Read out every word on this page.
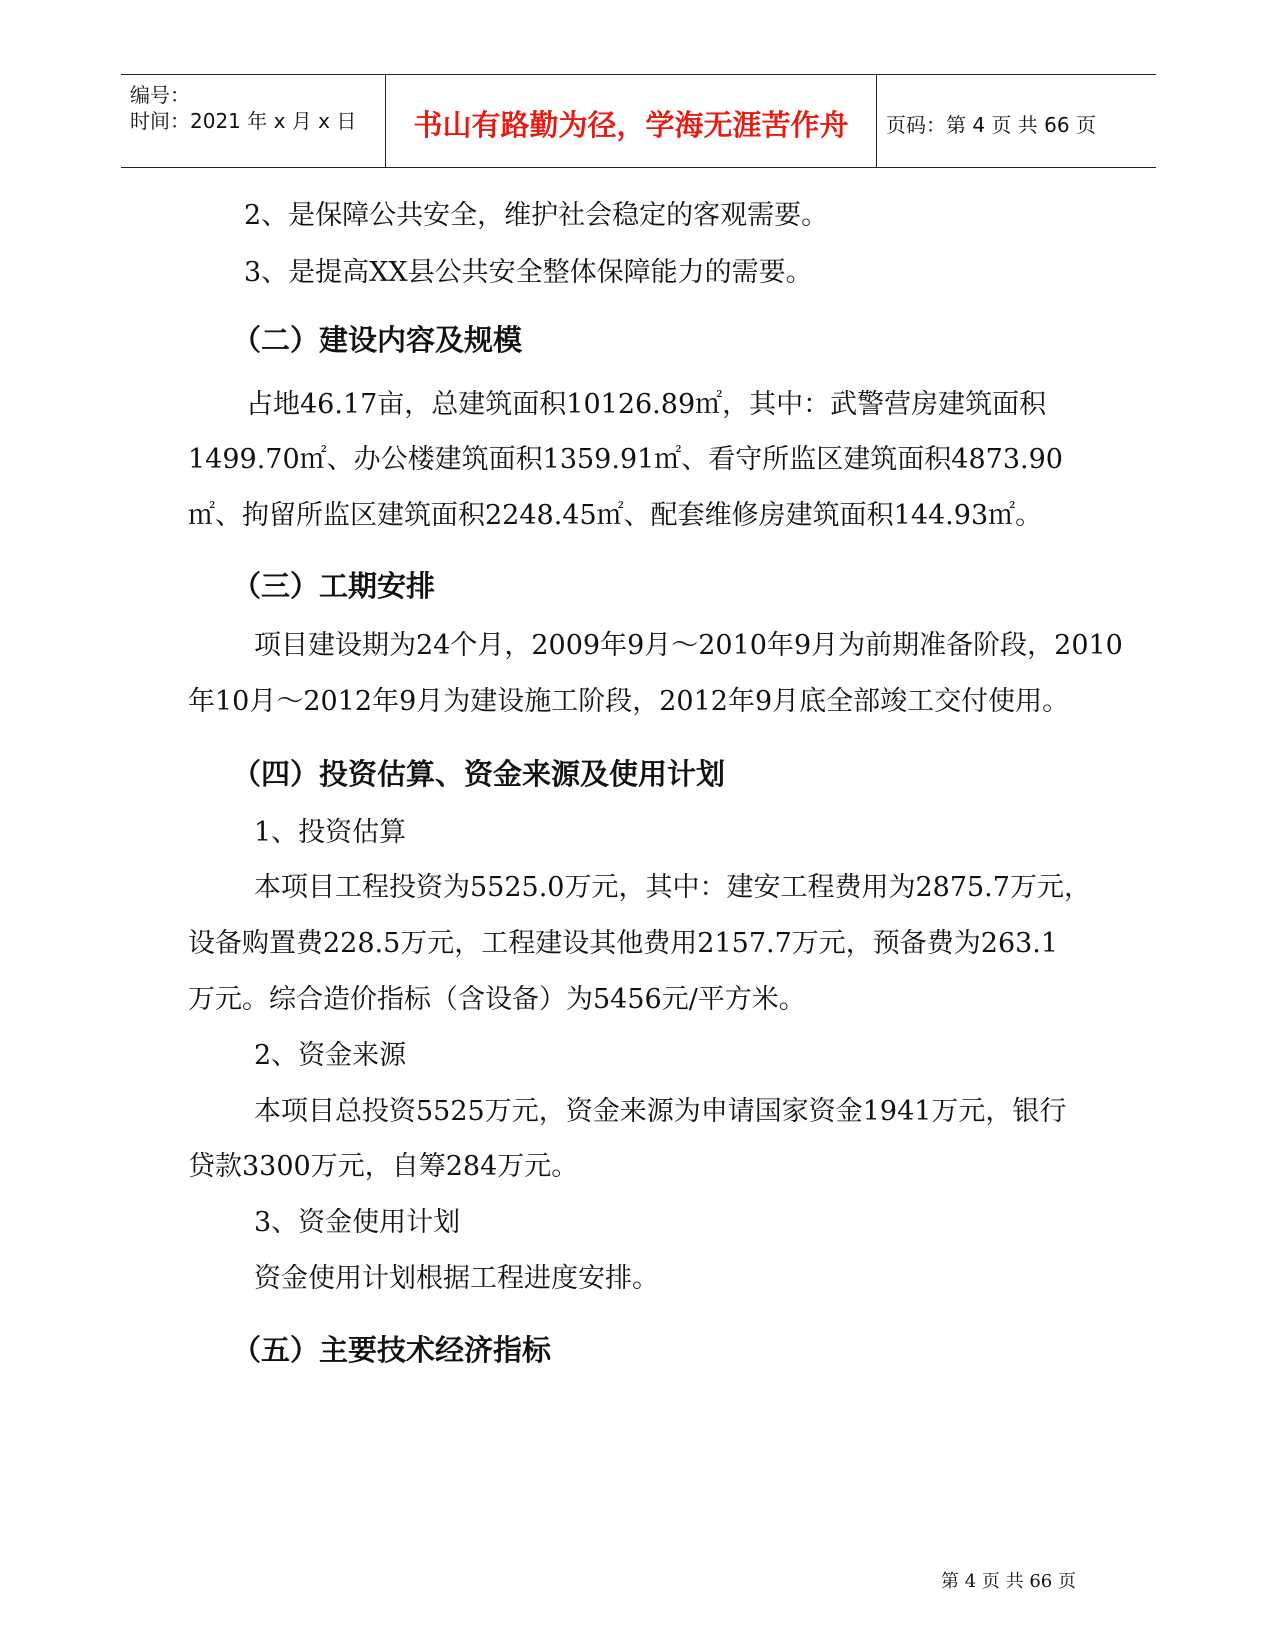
编号：
时间：2021 年 x 月 x 日	书山有路勤为径，学海无涯苦作舟	页码：第 4 页 共 66 页
2、是保障公共安全，维护社会稳定的客观需要。
3、是提高XX县公共安全整体保障能力的需要。
（二）建设内容及规模
占地46.17亩，总建筑面积10126.89㎡，其中：武警营房建筑面积
1499.70㎡、办公楼建筑面积1359.91㎡、看守所监区建筑面积4873.90
㎡、拘留所监区建筑面积2248.45㎡、配套维修房建筑面积144.93㎡。
（三）工期安排
项目建设期为24个月，2009年9月～2010年9月为前期准备阶段，2010
年10月～2012年9月为建设施工阶段，2012年9月底全部竣工交付使用。
（四）投资估算、资金来源及使用计划
1、投资估算
本项目工程投资为5525.0万元，其中：建安工程费用为2875.7万元，
设备购置费228.5万元，工程建设其他费用2157.7万元，预备费为263.1
万元。综合造价指标（含设备）为5456元/平方米。
2、资金来源
本项目总投资5525万元，资金来源为申请国家资金1941万元，银行
贷款3300万元，自筹284万元。
3、资金使用计划
资金使用计划根据工程进度安排。
（五）主要技术经济指标
第 4 页 共 66 页
